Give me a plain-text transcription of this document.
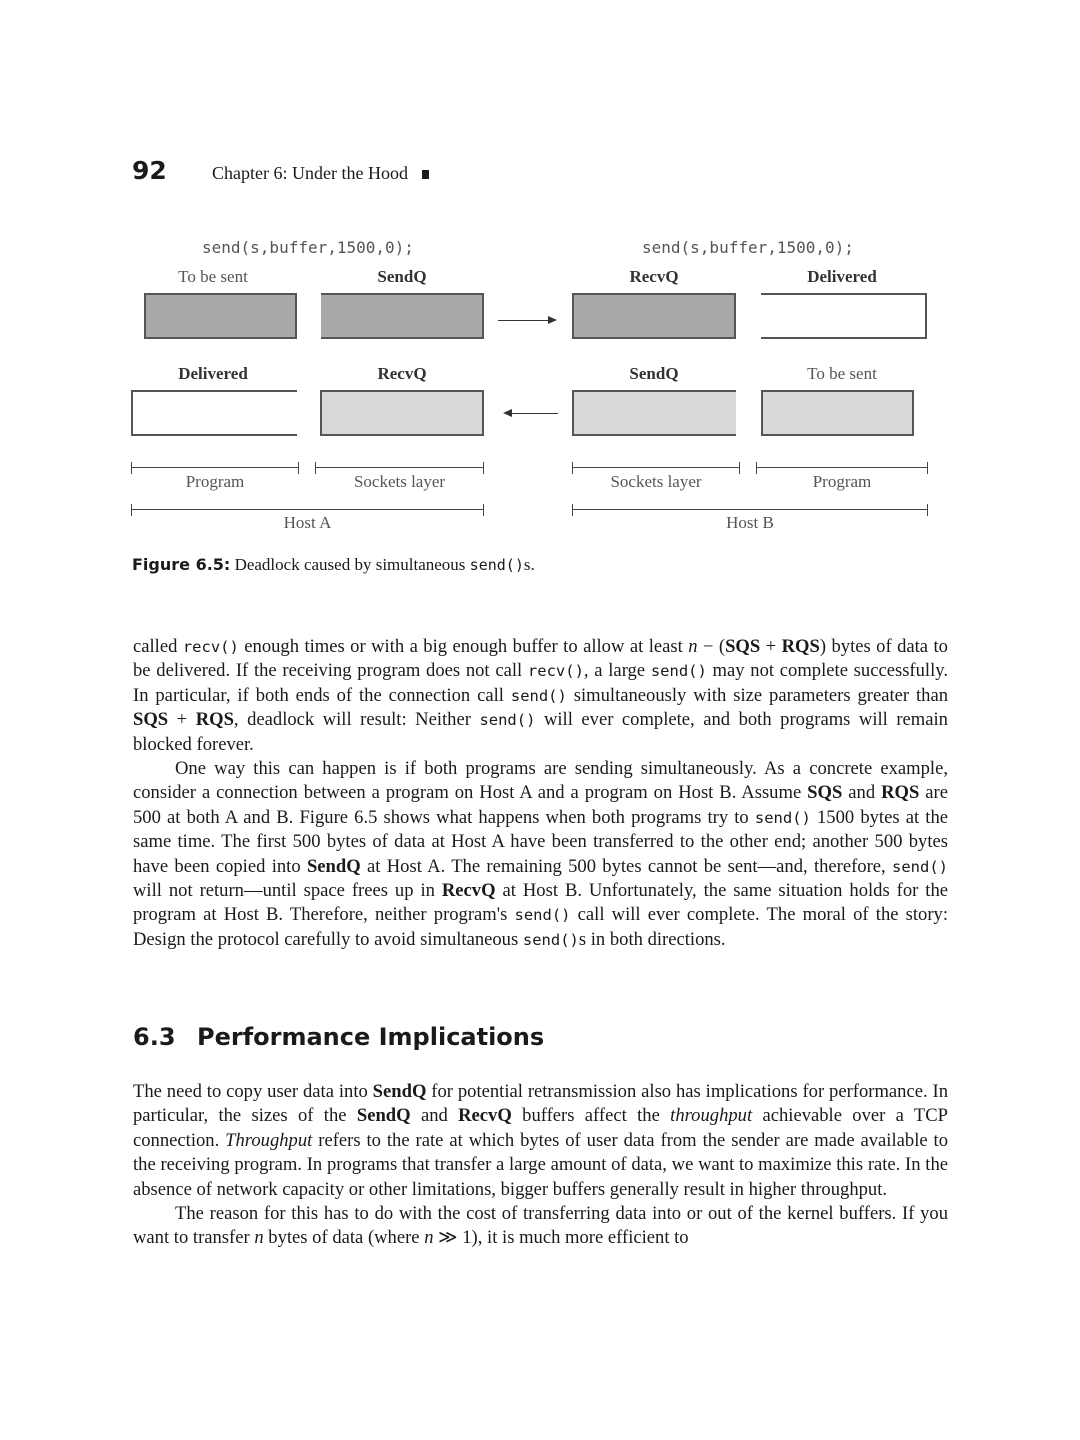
92	Chapter 6: Under the Hood
send(s,buffer,1500,0);
To be sent	SendQ
Delivered	RecvQ
send(s,buffer,1500,0);
RecvQ	Delivered
SendQ	To be sent
Program	Sockets layer	Sockets layer	Program
Host A	Host B
Figure 6.5: Deadlock caused by simultaneous send()s.

called recv() enough times or with a big enough buffer to allow at least n − (SQS + RQS) bytes of data to be delivered. If the receiving program does not call recv(), a large send() may not complete successfully. In particular, if both ends of the connection call send() simultaneously with size parameters greater than SQS + RQS, deadlock will result: Neither send() will ever complete, and both programs will remain blocked forever.

One way this can happen is if both programs are sending simultaneously. As a concrete example, consider a connection between a program on Host A and a program on Host B. Assume SQS and RQS are 500 at both A and B. Figure 6.5 shows what happens when both programs try to send() 1500 bytes at the same time. The first 500 bytes of data at Host A have been transferred to the other end; another 500 bytes have been copied into SendQ at Host A. The remaining 500 bytes cannot be sent—and, therefore, send() will not return—until space frees up in RecvQ at Host B. Unfortunately, the same situation holds for the program at Host B. Therefore, neither program's send() call will ever complete. The moral of the story: Design the protocol carefully to avoid simultaneous send()s in both directions.

6.3 Performance Implications

The need to copy user data into SendQ for potential retransmission also has implications for performance. In particular, the sizes of the SendQ and RecvQ buffers affect the throughput achievable over a TCP connection. Throughput refers to the rate at which bytes of user data from the sender are made available to the receiving program. In programs that transfer a large amount of data, we want to maximize this rate. In the absence of network capacity or other limitations, bigger buffers generally result in higher throughput.

The reason for this has to do with the cost of transferring data into or out of the kernel buffers. If you want to transfer n bytes of data (where n ≫ 1), it is much more efficient to
